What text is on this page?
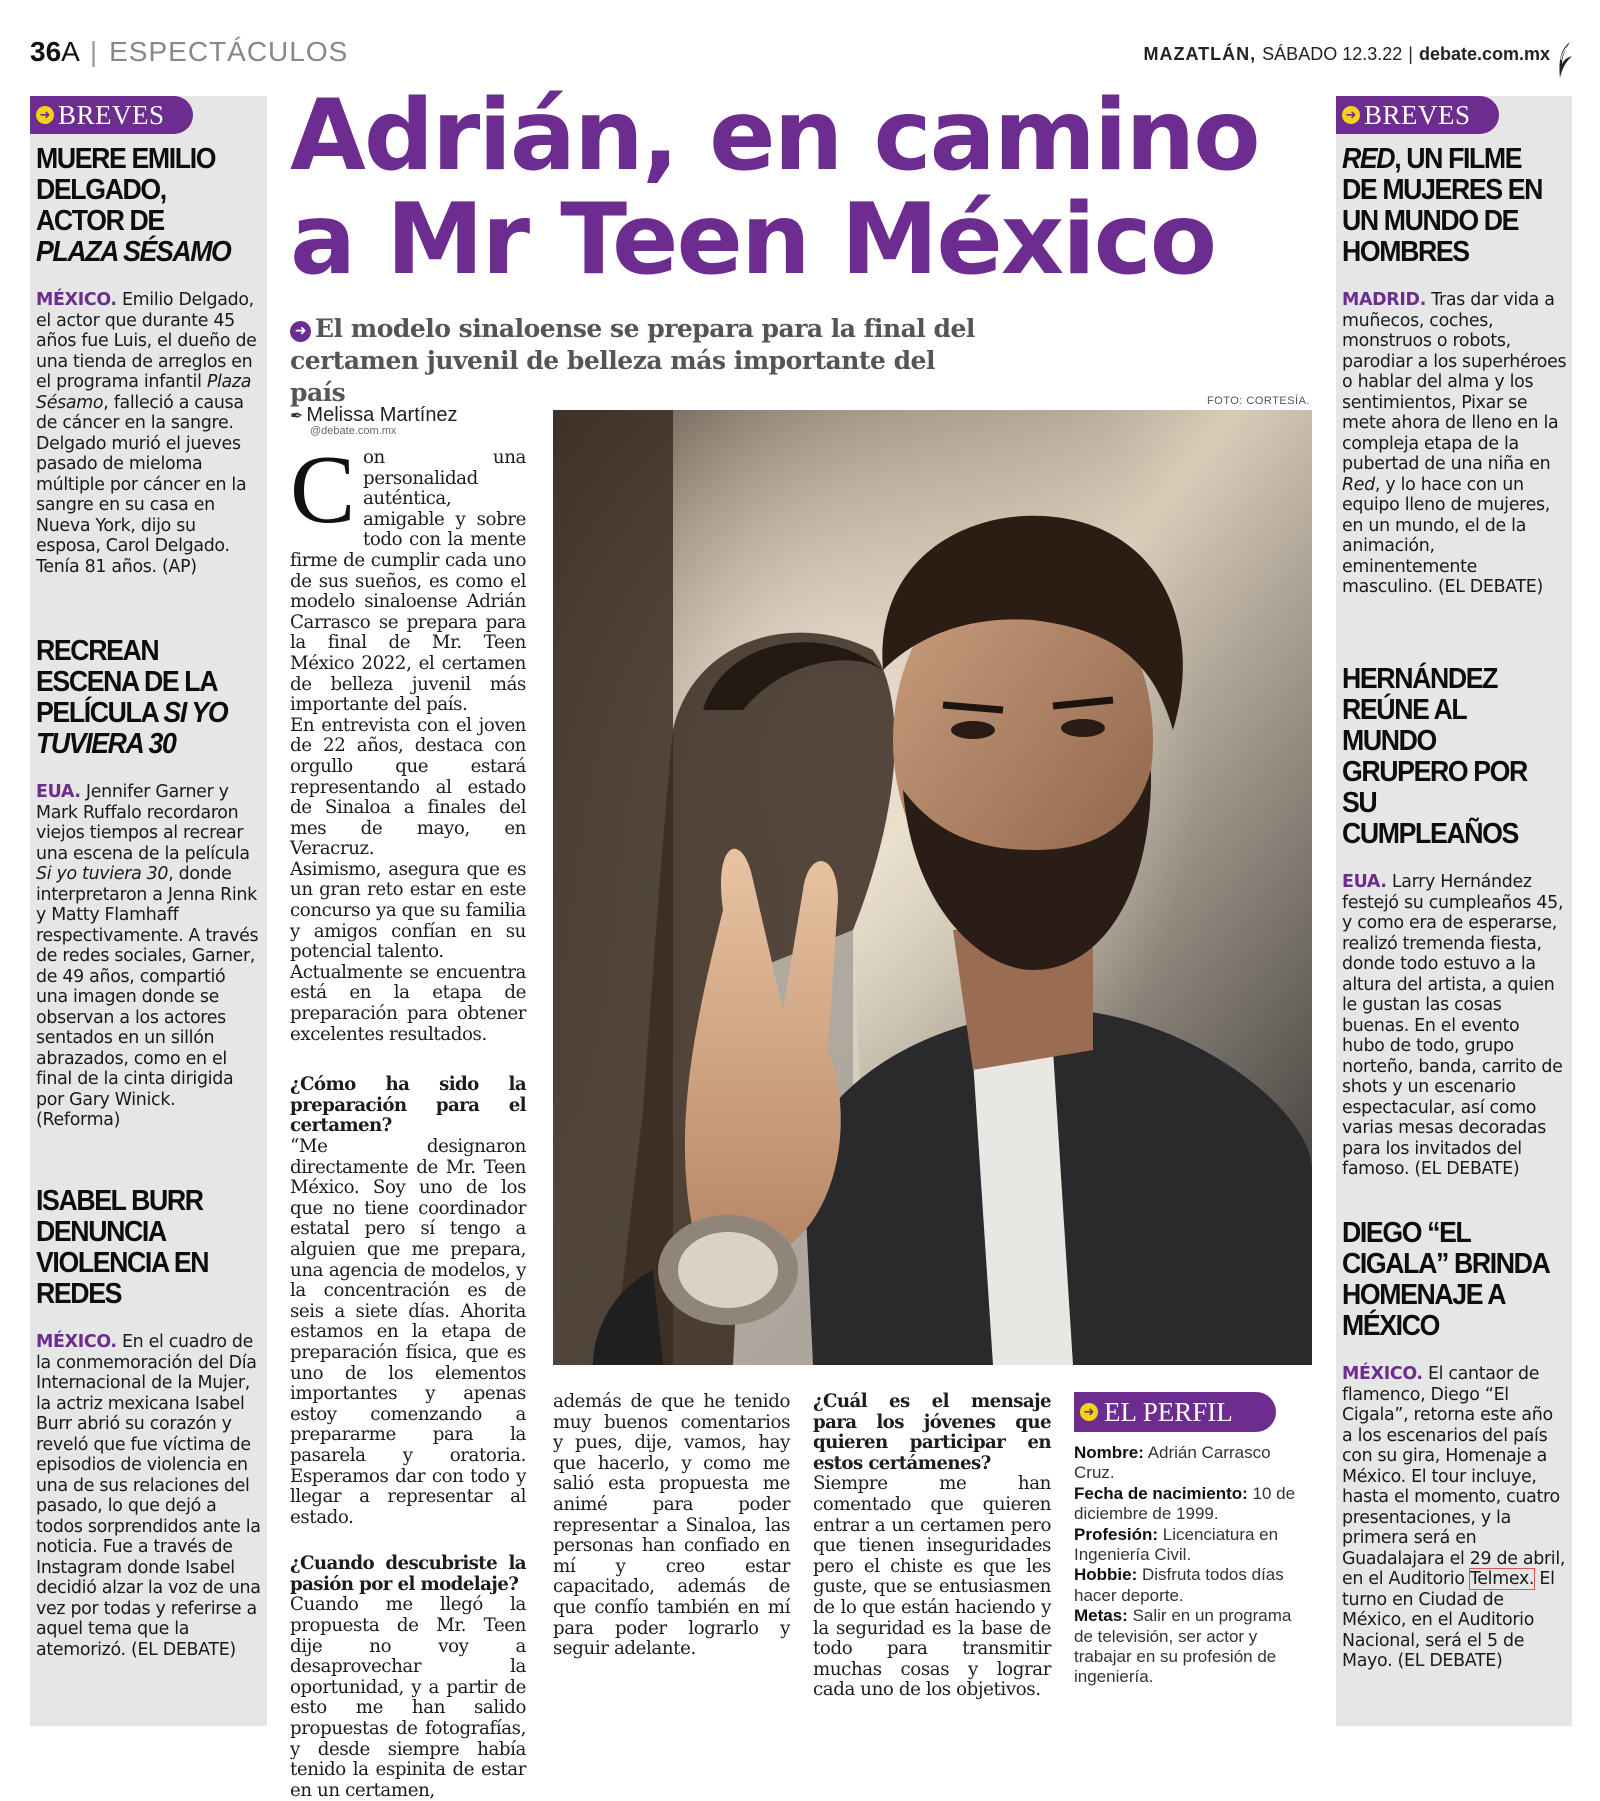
36 A | ESPECTÁCULOS	MAZATLÁN, SÁBADO 12.3.22 | debate.com.mx
➜ BREVES
MUERE EMILIO DELGADO, ACTOR DE PLAZA SÉSAMO

MÉXICO. Emilio Delgado, el actor que durante 45 años fue Luis, el dueño de una tienda de arreglos en el programa infantil Plaza Sésamo, falleció a causa de cáncer en la sangre. Delgado murió el jueves pasado de mieloma múltiple por cáncer en la sangre en su casa en Nueva York, dijo su esposa, Carol Delgado. Tenía 81 años. (AP)

RECREAN ESCENA DE LA PELÍCULA SI YO TUVIERA 30

EUA. Jennifer Garner y Mark Ruffalo recordaron viejos tiempos al recrear una escena de la película Si yo tuviera 30, donde interpretaron a Jenna Rink y Matty Flamhaff respectivamente. A través de redes sociales, Garner, de 49 años, compartió una imagen donde se observan a los actores sentados en un sillón abrazados, como en el final de la cinta dirigida por Gary Winick. (Reforma)

ISABEL BURR DENUNCIA VIOLENCIA EN REDES

MÉXICO. En el cuadro de la conmemoración del Día Internacional de la Mujer, la actriz mexicana Isabel Burr abrió su corazón y reveló que fue víctima de episodios de violencia en una de sus relaciones del pasado, lo que dejó a todos sorprendidos ante la noticia. Fue a través de Instagram donde Isabel decidió alzar la voz de una vez por todas y referirse a aquel tema que la atemorizó. (EL DEBATE)

➜ BREVES
RED, UN FILME DE MUJERES EN UN MUNDO DE HOMBRES

MADRID. Tras dar vida a muñecos, coches, monstruos o robots, parodiar a los superhéroes o hablar del alma y los sentimientos, Pixar se mete ahora de lleno en la compleja etapa de la pubertad de una niña en Red, y lo hace con un equipo lleno de mujeres, en un mundo, el de la animación, eminentemente masculino. (EL DEBATE)

HERNÁNDEZ REÚNE AL MUNDO GRUPERO POR SU CUMPLEAÑOS

EUA. Larry Hernández festejó su cumpleaños 45, y como era de esperarse, realizó tremenda fiesta, donde todo estuvo a la altura del artista, a quien le gustan las cosas buenas. En el evento hubo de todo, grupo norteño, banda, carrito de shots y un escenario espectacular, así como varias mesas decoradas para los invitados del famoso. (EL DEBATE)

DIEGO “EL CIGALA” BRINDA HOMENAJE A MÉXICO

MÉXICO. El cantaor de flamenco, Diego “El Cigala”, retorna este año a los escenarios del país con su gira, Homenaje a México. El tour incluye, hasta el momento, cuatro presentaciones, y la primera será en Guadalajara el 29 de abril, en el Auditorio Telmex. El turno en Ciudad de México, en el Auditorio Nacional, será el 5 de Mayo. (EL DEBATE)

Adrián, en camino
a Mr Teen México
➜ El modelo sinaloense se prepara para la final del certamen juvenil de belleza más importante del país
✒ Melissa Martínez
@debate.com.mx
FOTO: CORTESÍA.

Con una personalidad auténtica, amigable y sobre todo con la mente firme de cumplir cada uno de sus sueños, es como el modelo sinaloense Adrián Carrasco se prepara para la final de Mr. Teen México 2022, el certamen de belleza juvenil más importante del país.

En entrevista con el joven de 22 años, destaca con orgullo que estará representando al estado de Sinaloa a finales del mes de mayo, en Veracruz.

Asimismo, asegura que es un gran reto estar en este concurso ya que su familia y amigos confían en su potencial talento.

Actualmente se encuentra está en la etapa de preparación para obtener excelentes resultados.

¿Cómo ha sido la preparación para el certamen?

“Me designaron directamente de Mr. Teen México. Soy uno de los que no tiene coordinador estatal pero sí tengo a alguien que me prepara, una agencia de modelos, y la concentración es de seis a siete días. Ahorita estamos en la etapa de preparación física, que es uno de los elementos importantes y apenas estoy comenzando a prepararme para la pasarela y oratoria. Esperamos dar con todo y llegar a representar al estado.

¿Cuando descubriste la pasión por el modelaje?

Cuando me llegó la propuesta de Mr. Teen dije no voy a desaprovechar la oportunidad, y a partir de esto me han salido propuestas de fotografías, y desde siempre había tenido la espinita de estar en un certamen,

además de que he tenido muy buenos comentarios y pues, dije, vamos, hay que hacerlo, y como me salió esta propuesta me animé para poder representar a Sinaloa, las personas han confiado en mí y creo estar capacitado, además de que confío también en mí para poder lograrlo y seguir adelante.

¿Cuál es el mensaje para los jóvenes que quieren participar en estos certámenes?

Siempre me han comentado que quieren entrar a un certamen pero que tienen inseguridades pero el chiste es que les guste, que se entusiasmen de lo que están haciendo y la seguridad es la base de todo para transmitir muchas cosas y lograr cada uno de los objetivos.

➜ EL PERFIL
Nombre: Adrián Carrasco Cruz.
Fecha de nacimiento: 10 de diciembre de 1999.
Profesión: Licenciatura en Ingeniería Civil.
Hobbie: Disfruta todos días hacer deporte.
Metas: Salir en un programa de televisión, ser actor y trabajar en su profesión de ingeniería.
